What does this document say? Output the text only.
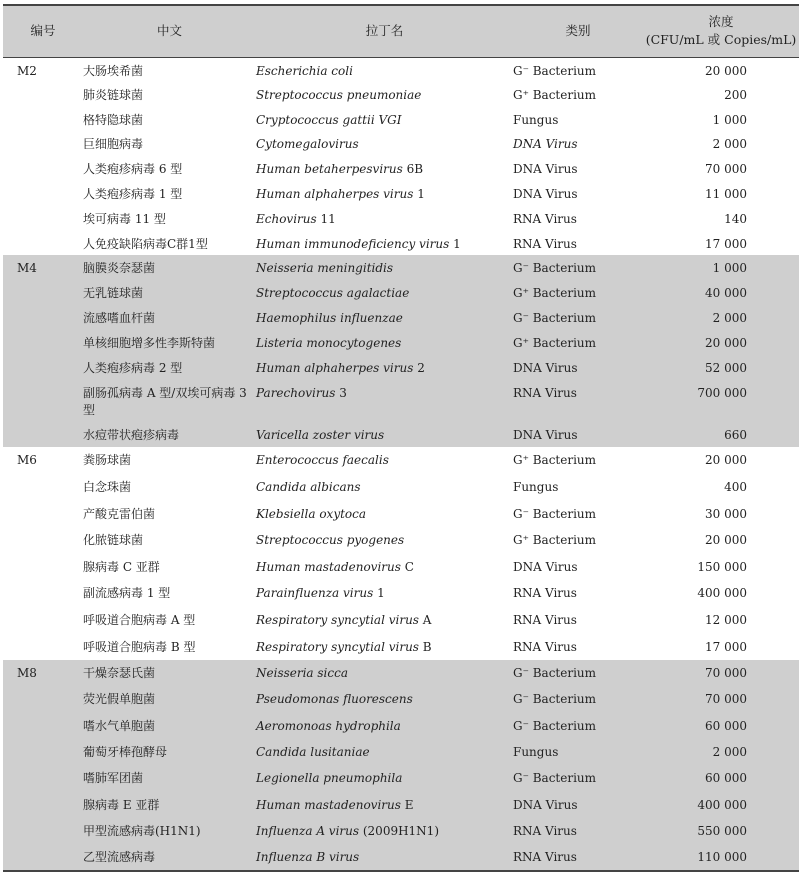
编号	中文	拉丁名	类别	浓度
(CFU/mL 或 Copies/mL)
M2	大肠埃希菌	Escherichia coli	G⁻ Bacterium	20 000
	肺炎链球菌	Streptococcus pneumoniae	G⁺ Bacterium	200
	格特隐球菌	Cryptococcus gattii VGI	Fungus	1 000
	巨细胞病毒	Cytomegalovirus	DNA Virus	2 000
	人类疱疹病毒 6 型	Human betaherpesvirus 6B	DNA Virus	70 000
	人类疱疹病毒 1 型	Human alphaherpes virus 1	DNA Virus	11 000
	埃可病毒 11 型	Echovirus 11	RNA Virus	140
	人免疫缺陷病毒C群1型	Human immunodeficiency virus 1	RNA Virus	17 000
M4	脑膜炎奈瑟菌	Neisseria meningitidis	G⁻ Bacterium	1 000
	无乳链球菌	Streptococcus agalactiae	G⁺ Bacterium	40 000
	流感嗜血杆菌	Haemophilus influenzae	G⁻ Bacterium	2 000
	单核细胞增多性李斯特菌	Listeria monocytogenes	G⁺ Bacterium	20 000
	人类疱疹病毒 2 型	Human alphaherpes virus 2	DNA Virus	52 000
	副肠孤病毒 A 型/双埃可病毒 3 型	Parechovirus 3	RNA Virus	700 000
	水痘带状疱疹病毒	Varicella zoster virus	DNA Virus	660
M6	粪肠球菌	Enterococcus faecalis	G⁺ Bacterium	20 000
	白念珠菌	Candida albicans	Fungus	400
	产酸克雷伯菌	Klebsiella oxytoca	G⁻ Bacterium	30 000
	化脓链球菌	Streptococcus pyogenes	G⁺ Bacterium	20 000
	腺病毒 C 亚群	Human mastadenovirus C	DNA Virus	150 000
	副流感病毒 1 型	Parainfluenza virus 1	RNA Virus	400 000
	呼吸道合胞病毒 A 型	Respiratory syncytial virus A	RNA Virus	12 000
	呼吸道合胞病毒 B 型	Respiratory syncytial virus B	RNA Virus	17 000
M8	干燥奈瑟氏菌	Neisseria sicca	G⁻ Bacterium	70 000
	荧光假单胞菌	Pseudomonas fluorescens	G⁻ Bacterium	70 000
	嗜水气单胞菌	Aeromonoas hydrophila	G⁻ Bacterium	60 000
	葡萄牙棒孢酵母	Candida lusitaniae	Fungus	2 000
	嗜肺军团菌	Legionella pneumophila	G⁻ Bacterium	60 000
	腺病毒 E 亚群	Human mastadenovirus E	DNA Virus	400 000
	甲型流感病毒(H1N1)	Influenza A virus (2009H1N1)	RNA Virus	550 000
	乙型流感病毒	Influenza B virus	RNA Virus	110 000
